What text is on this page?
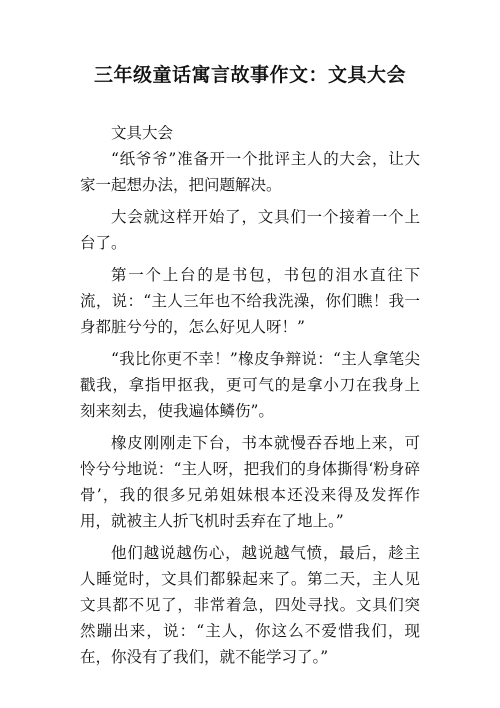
三年级童话寓言故事作文：文具大会

文具大会

“纸爷爷”准备开一个批评主人的大会，让大家一起想办法，把问题解决。

大会就这样开始了，文具们一个接着一个上台了。

第一个上台的是书包，书包的泪水直往下流，说：“主人三年也不给我洗澡，你们瞧！我一身都脏兮兮的，怎么好见人呀！”

“我比你更不幸！”橡皮争辩说：“主人拿笔尖戳我，拿指甲抠我，更可气的是拿小刀在我身上刻来刻去，使我遍体鳞伤”。

橡皮刚刚走下台，书本就慢吞吞地上来，可怜兮兮地说：“主人呀，把我们的身体撕得‘粉身碎骨’，我的很多兄弟姐妹根本还没来得及发挥作用，就被主人折飞机时丢弃在了地上。”

他们越说越伤心，越说越气愤，最后，趁主人睡觉时，文具们都躲起来了。第二天，主人见文具都不见了，非常着急，四处寻找。文具们突然蹦出来，说：“主人，你这么不爱惜我们，现在，你没有了我们，就不能学习了。”
